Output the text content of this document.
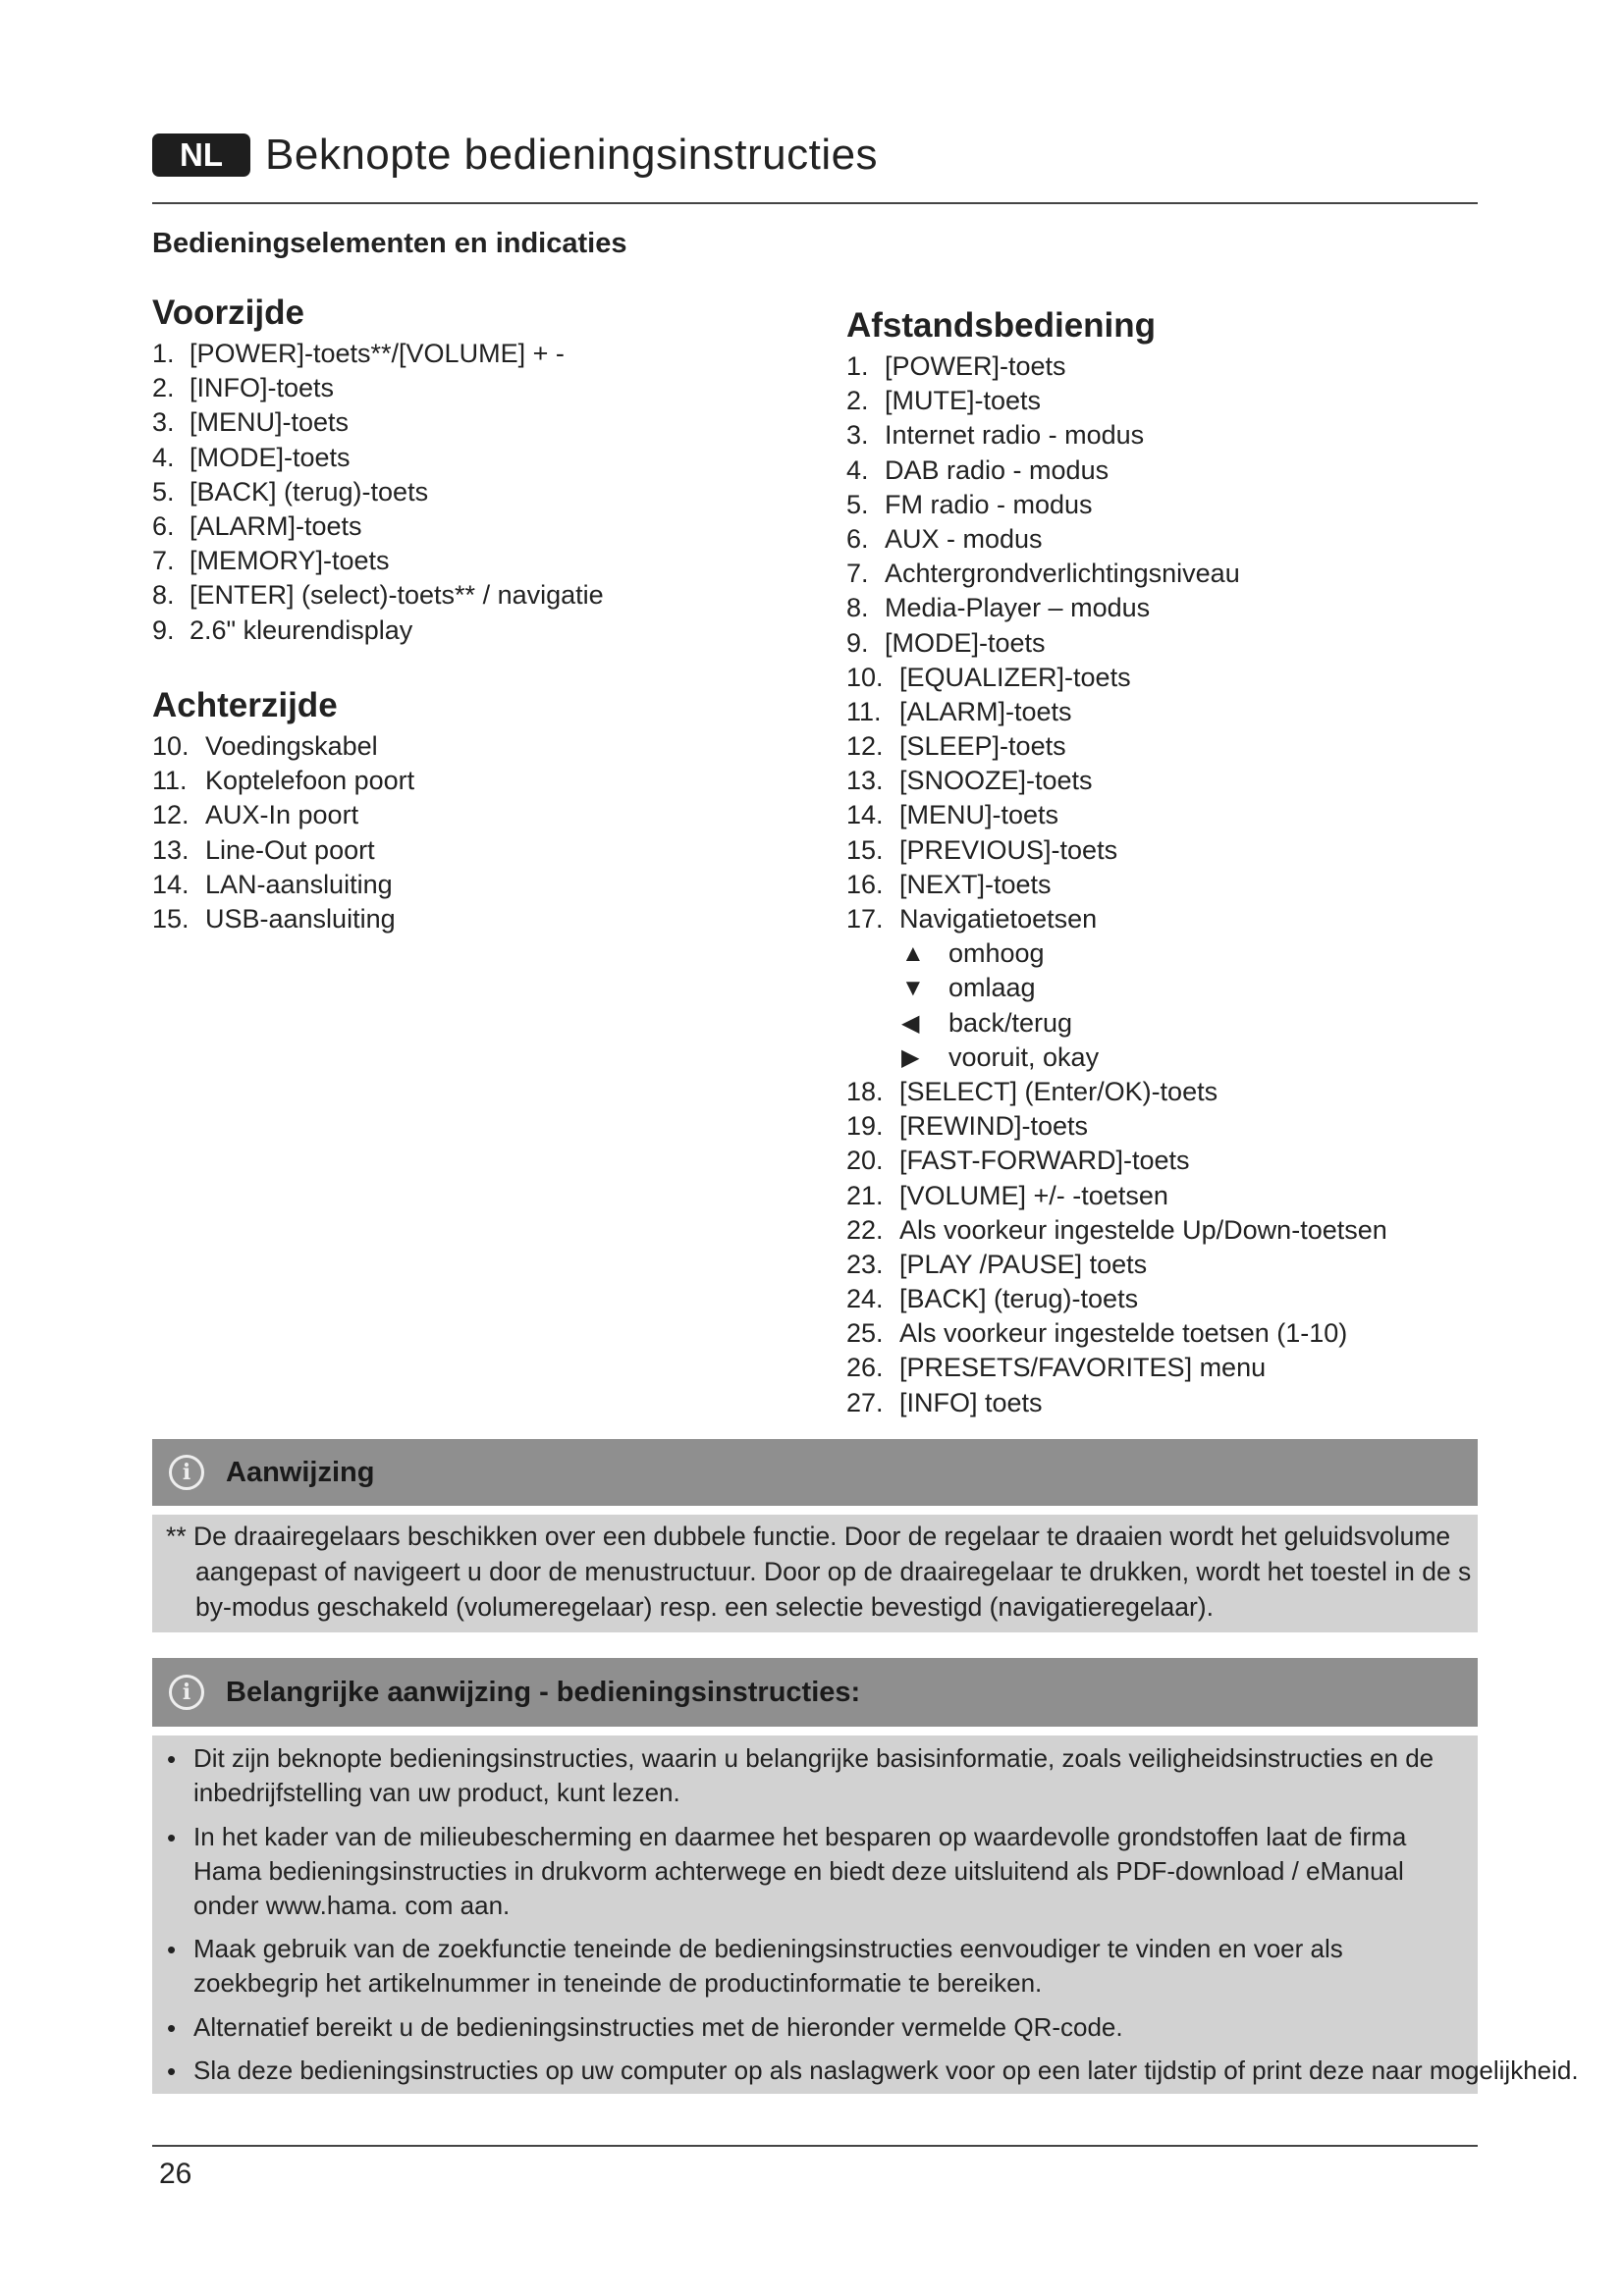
NL Beknopte bedieningsinstructies
Bedieningselementen en indicaties
Voorzijde
1. [POWER]-toets**/[VOLUME] + -
2. [INFO]-toets
3. [MENU]-toets
4. [MODE]-toets
5. [BACK] (terug)-toets
6. [ALARM]-toets
7. [MEMORY]-toets
8. [ENTER] (select)-toets** / navigatie
9. 2.6" kleurendisplay
Achterzijde
10. Voedingskabel
11. Koptelefoon poort
12. AUX-In poort
13. Line-Out poort
14. LAN-aansluiting
15. USB-aansluiting
Afstandsbediening
1. [POWER]-toets
2. [MUTE]-toets
3. Internet radio - modus
4. DAB radio - modus
5. FM radio - modus
6. AUX - modus
7. Achtergrondverlichtingsniveau
8. Media-Player – modus
9. [MODE]-toets
10. [EQUALIZER]-toets
11. [ALARM]-toets
12. [SLEEP]-toets
13. [SNOOZE]-toets
14. [MENU]-toets
15. [PREVIOUS]-toets
16. [NEXT]-toets
17. Navigatietoetsen
▲ omhoog
▼ omlaag
◀	back/terug
▶	vooruit, okay
18. [SELECT] (Enter/OK)-toets
19. [REWIND]-toets
20. [FAST-FORWARD]-toets
21. [VOLUME] +/- -toetsen
22. Als voorkeur ingestelde Up/Down-toetsen
23. [PLAY /PAUSE] toets
24. [BACK] (terug)-toets
25. Als voorkeur ingestelde toetsen (1-10)
26. [PRESETS/FAVORITES] menu
27. [INFO] toets
i	Aanwijzing
** De draairegelaars beschikken over een dubbele functie. Door de regelaar te draaien wordt het geluidsvolume
aangepast of navigeert u door de menustructuur. Door op de draairegelaar te drukken, wordt het toestel in de s
by-modus geschakeld (volumeregelaar) resp. een selectie bevestigd (navigatieregelaar).
i	Belangrijke aanwijzing - bedieningsinstructies:
• Dit zijn beknopte bedieningsinstructies, waarin u belangrijke basisinformatie, zoals veiligheidsinstructies en de inbedrijfstelling van uw product, kunt lezen.
• In het kader van de milieubescherming en daarmee het besparen op waardevolle grondstoffen laat de firma Hama bedieningsinstructies in drukvorm achterwege en biedt deze uitsluitend als PDF-download / eManual onder www.hama. com aan.
• Maak gebruik van de zoekfunctie teneinde de bedieningsinstructies eenvoudiger te vinden en voer als zoekbegrip het artikelnummer in teneinde de productinformatie te bereiken.
• Alternatief bereikt u de bedieningsinstructies met de hieronder vermelde QR-code.
• Sla deze bedieningsinstructies op uw computer op als naslagwerk voor op een later tijdstip of print deze naar mogelijkheid.
26
